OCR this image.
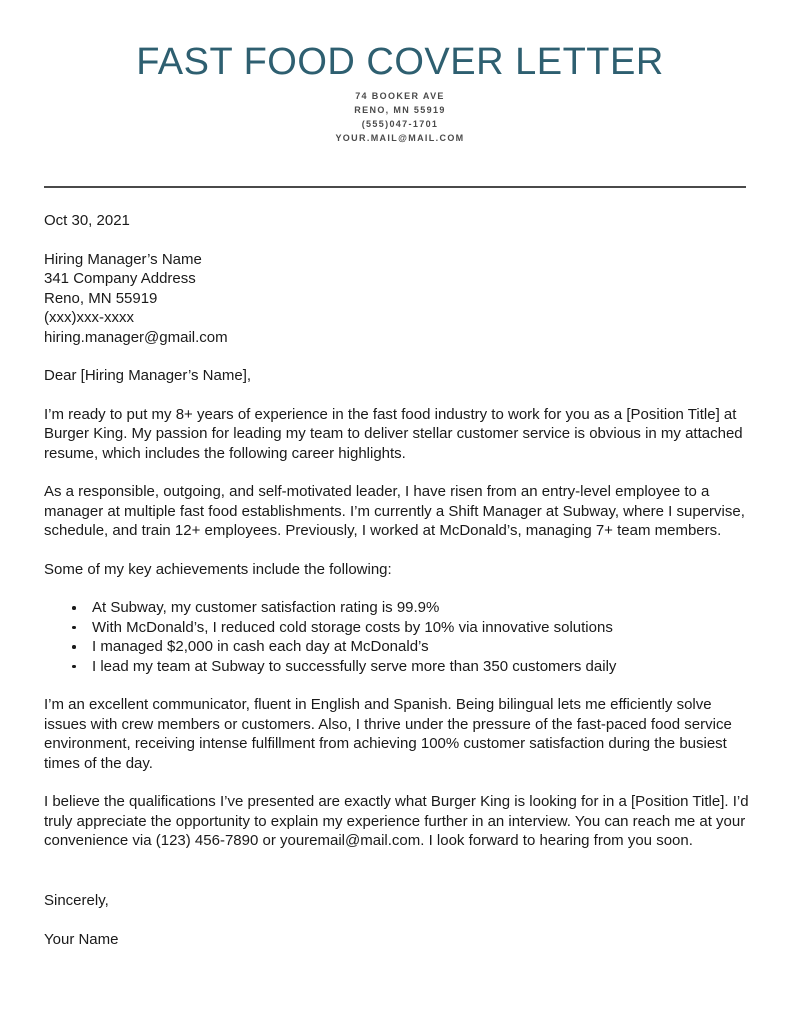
FAST FOOD COVER LETTER
74 BOOKER AVE
RENO, MN 55919
(555)047-1701
YOUR.MAIL@MAIL.COM

Oct 30, 2021

Hiring Manager’s Name
341 Company Address
Reno, MN 55919
(xxx)xxx-xxxx
hiring.manager@gmail.com

Dear [Hiring Manager’s Name],

I’m ready to put my 8+ years of experience in the fast food industry to work for you as a [Position Title] at Burger King. My passion for leading my team to deliver stellar customer service is obvious in my attached resume, which includes the following career highlights.

As a responsible, outgoing, and self-motivated leader, I have risen from an entry-level employee to a manager at multiple fast food establishments. I’m currently a Shift Manager at Subway, where I supervise, schedule, and train 12+ employees. Previously, I worked at McDonald’s, managing 7+ team members.

Some of my key achievements include the following:

At Subway, my customer satisfaction rating is 99.9%
With McDonald’s, I reduced cold storage costs by 10% via innovative solutions
I managed $2,000 in cash each day at McDonald’s
I lead my team at Subway to successfully serve more than 350 customers daily

I’m an excellent communicator, fluent in English and Spanish. Being bilingual lets me efficiently solve issues with crew members or customers. Also, I thrive under the pressure of the fast-paced food service environment, receiving intense fulfillment from achieving 100% customer satisfaction during the busiest times of the day.

I believe the qualifications I’ve presented are exactly what Burger King is looking for in a [Position Title]. I’d truly appreciate the opportunity to explain my experience further in an interview. You can reach me at your convenience via (123) 456-7890 or youremail@mail.com. I look forward to hearing from you soon.

Sincerely,

Your Name
